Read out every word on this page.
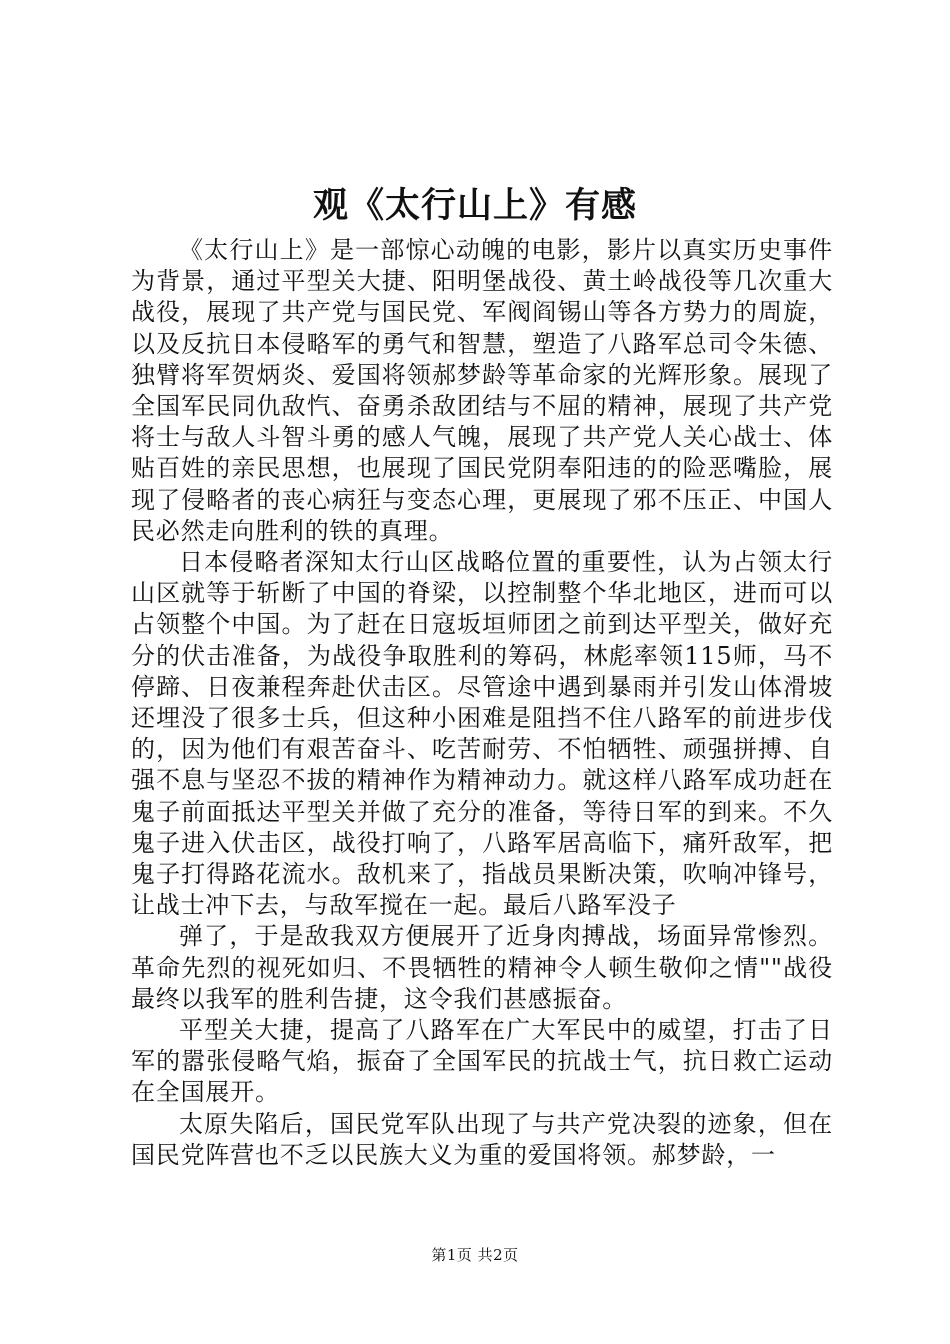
观《太行山上》有感

《太行山上》是一部惊心动魄的电影，影片以真实历史事件为背景，通过平型关大捷、阳明堡战役、黄土岭战役等几次重大战役，展现了共产党与国民党、军阀阎锡山等各方势力的周旋，以及反抗日本侵略军的勇气和智慧，塑造了八路军总司令朱德、独臂将军贺炳炎、爱国将领郝梦龄等革命家的光辉形象。展现了全国军民同仇敌忾、奋勇杀敌团结与不屈的精神，展现了共产党将士与敌人斗智斗勇的感人气魄，展现了共产党人关心战士、体贴百姓的亲民思想，也展现了国民党阴奉阳违的的险恶嘴脸，展现了侵略者的丧心病狂与变态心理，更展现了邪不压正、中国人民必然走向胜利的铁的真理。

日本侵略者深知太行山区战略位置的重要性，认为占领太行山区就等于斩断了中国的脊梁，以控制整个华北地区，进而可以占领整个中国。为了赶在日寇坂垣师团之前到达平型关，做好充分的伏击准备，为战役争取胜利的筹码，林彪率领115师，马不停蹄、日夜兼程奔赴伏击区。尽管途中遇到暴雨并引发山体滑坡还埋没了很多士兵，但这种小困难是阻挡不住八路军的前进步伐的，因为他们有艰苦奋斗、吃苦耐劳、不怕牺牲、顽强拼搏、自强不息与坚忍不拔的精神作为精神动力。就这样八路军成功赶在鬼子前面抵达平型关并做了充分的准备，等待日军的到来。不久鬼子进入伏击区，战役打响了，八路军居高临下，痛歼敌军，把鬼子打得路花流水。敌机来了，指战员果断决策，吹响冲锋号，让战士冲下去，与敌军搅在一起。最后八路军没子

弹了，于是敌我双方便展开了近身肉搏战，场面异常惨烈。革命先烈的视死如归、不畏牺牲的精神令人顿生敬仰之情""战役最终以我军的胜利告捷，这令我们甚感振奋。

平型关大捷，提高了八路军在广大军民中的威望，打击了日军的嚣张侵略气焰，振奋了全国军民的抗战士气，抗日救亡运动在全国展开。

太原失陷后，国民党军队出现了与共产党决裂的迹象，但在国民党阵营也不乏以民族大义为重的爱国将领。郝梦龄，一

第1页 共2页
